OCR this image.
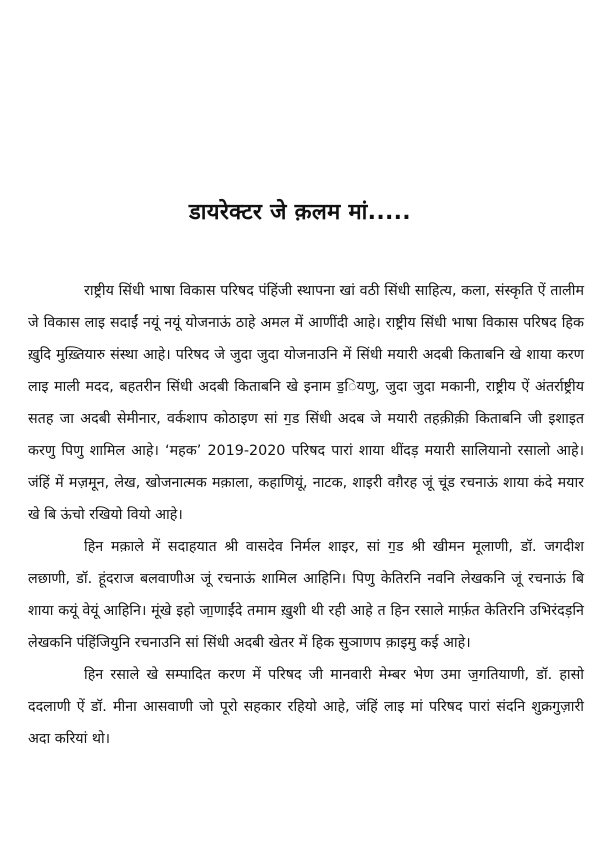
डायरेक्टर जे क़लम मां.....

राष्ट्रीय सिंधी भाषा विकास परिषद पंहिंजी स्थापना खां वठी सिंधी साहित्य, कला, संस्कृति ऐं तालीम जे विकास लाइ सदाईं नयूं नयूं योजनाऊं ठाहे अमल में आणींदी आहे। राष्ट्रीय सिंधी भाषा विकास परिषद हिक ख़ुदि मुख़्तियारु संस्था आहे। परिषद जे जुदा जुदा योजनाउनि में सिंधी मयारी अदबी किताबनि खे शाया करण लाइ माली मदद, बहतरीन सिंधी अदबी किताबनि खे इनाम ड॒ियणु, जुदा जुदा मकानी, राष्ट्रीय ऐं अंतर्राष्ट्रीय सतह जा अदबी सेमीनार, वर्कशाप कोठाइण सां ग॒ड सिंधी अदब जे मयारी तहक़ीक़ी किताबनि जी इशाइत करणु पिणु शामिल आहे। ‘महक’ 2019-2020 परिषद पारां शाया थींदड़ मयारी सालियानो रसालो आहे। जंहिं में मज़मून, लेख, खोजनात्मक मक़ाला, कहाणियूं, नाटक, शाइरी वग़ैरह जूं चूंड रचनाऊं शाया कंदे मयार खे बि ऊंचो रखियो वियो आहे।

हिन मक़ाले में सदाहयात श्री वासदेव निर्मल शाइर, सां ग॒ड श्री खीमन मूलाणी, डॉ. जगदीश लछाणी, डॉ. हूंदराज बलवाणीअ जूं रचनाऊं शामिल आहिनि। पिणु केतिरनि नवनि लेखकनि जूं रचनाऊं बि शाया कयूं वेयूं आहिनि। मूंखे इहो जा॒णाईंदे तमाम ख़ुशी थी रही आहे त हिन रसाले मार्फ़त केतिरनि उभिरंदड़नि लेखकनि पंहिंजियुनि रचनाउनि सां सिंधी अदबी खेतर में हिक सुञाणप क़ाइमु कई आहे।

हिन रसाले खे सम्पादित करण में परिषद जी मानवारी मेम्बर भेण उमा ज॒गतियाणी, डॉ. हासो ददलाणी ऐं डॉ. मीना आसवाणी जो पूरो सहकार रहियो आहे, जंहिं लाइ मां परिषद पारां संदनि शुक्रगुज़ारी अदा करियां थो।
